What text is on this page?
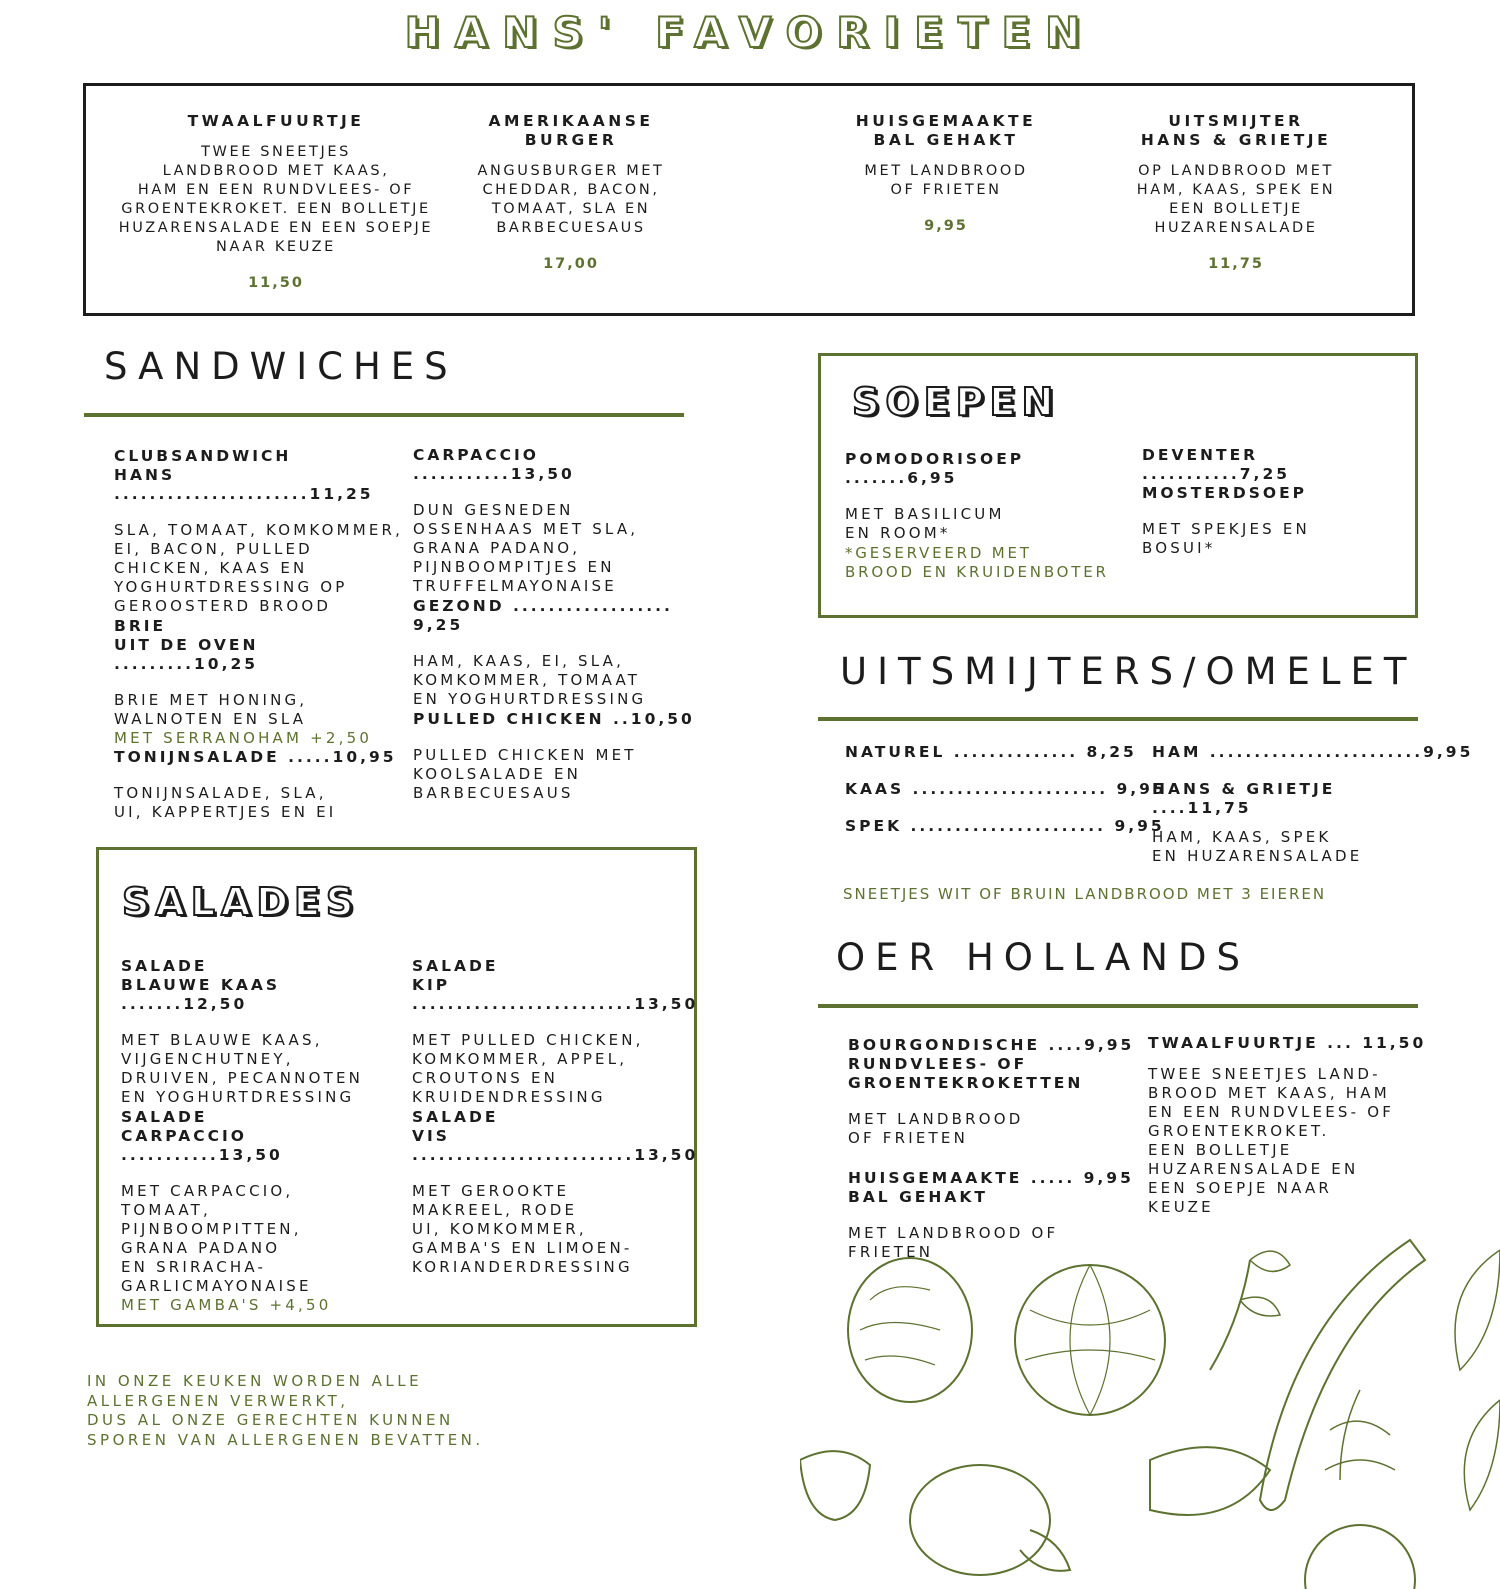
HANS' FAVORIETEN
TWAALFUURTJE
TWEE SNEETJES
LANDBROOD MET KAAS,
HAM EN EEN RUNDVLEES- OF
GROENTEKROKET. EEN BOLLETJE
HUZARENSALADE EN EEN SOEPJE
NAAR KEUZE
11,50
AMERIKAANSE
BURGER
ANGUSBURGER MET
CHEDDAR, BACON,
TOMAAT, SLA EN
BARBECUESAUS
17,00
HUISGEMAAKTE
BAL GEHAKT
MET LANDBROOD
OF FRIETEN
9,95
UITSMIJTER
HANS & GRIETJE
OP LANDBROOD MET
HAM, KAAS, SPEK EN
EEN BOLLETJE
HUZARENSALADE
11,75
SANDWICHES
CLUBSANDWICH
HANS ......................11,25
SLA, TOMAAT, KOMKOMMER,
EI, BACON, PULLED
CHICKEN, KAAS EN
YOGHURTDRESSING OP
GEROOSTERD BROOD
BRIE
UIT DE OVEN .........10,25
BRIE MET HONING,
WALNOTEN EN SLA
MET SERRANOHAM +2,50
TONIJNSALADE .....10,95
TONIJNSALADE, SLA,
UI, KAPPERTJES EN EI
CARPACCIO ...........13,50
DUN GESNEDEN
OSSENHAAS MET SLA,
GRANA PADANO,
PIJNBOOMPITJES EN
TRUFFELMAYONAISE
GEZOND .................. 9,25
HAM, KAAS, EI, SLA,
KOMKOMMER, TOMAAT
EN YOGHURTDRESSING
PULLED CHICKEN ..10,50
PULLED CHICKEN MET
KOOLSALADE EN
BARBECUESAUS
SOEPEN
POMODORISOEP .......6,95
MET BASILICUM
EN ROOM*
*GESERVEERD MET
BROOD EN KRUIDENBOTER
DEVENTER ...........7,25
MOSTERDSOEP
MET SPEKJES EN
BOSUI*
UITSMIJTERS/OMELET
NATUREL .............. 8,25
KAAS ...................... 9,95
SPEK ...................... 9,95
HAM ........................9,95
HANS & GRIETJE ....11,75
HAM, KAAS, SPEK
EN HUZARENSALADE
SNEETJES WIT OF BRUIN LANDBROOD MET 3 EIEREN
SALADES
SALADE
BLAUWE KAAS .......12,50
MET BLAUWE KAAS,
VIJGENCHUTNEY,
DRUIVEN, PECANNOTEN
EN YOGHURTDRESSING
SALADE
CARPACCIO ...........13,50
MET CARPACCIO,
TOMAAT,
PIJNBOOMPITTEN,
GRANA PADANO
EN SRIRACHA-
GARLICMAYONAISE
MET GAMBA'S +4,50
SALADE
KIP .........................13,50
MET PULLED CHICKEN,
KOMKOMMER, APPEL,
CROUTONS EN
KRUIDENDRESSING
SALADE
VIS .........................13,50
MET GEROOKTE
MAKREEL, RODE
UI, KOMKOMMER,
GAMBA'S EN LIMOEN-
KORIANDERDRESSING
OER HOLLANDS
BOURGONDISCHE ....9,95
RUNDVLEES- OF
GROENTEKROKETTEN
MET LANDBROOD
OF FRIETEN
HUISGEMAAKTE ..... 9,95
BAL GEHAKT
MET LANDBROOD OF
FRIETEN
TWAALFUURTJE ... 11,50
TWEE SNEETJES LAND-
BROOD MET KAAS, HAM
EN EEN RUNDVLEES- OF
GROENTEKROKET.
EEN BOLLETJE
HUZARENSALADE EN
EEN SOEPJE NAAR
KEUZE
IN ONZE KEUKEN WORDEN ALLE
ALLERGENEN VERWERKT,
DUS AL ONZE GERECHTEN KUNNEN
SPOREN VAN ALLERGENEN BEVATTEN.
